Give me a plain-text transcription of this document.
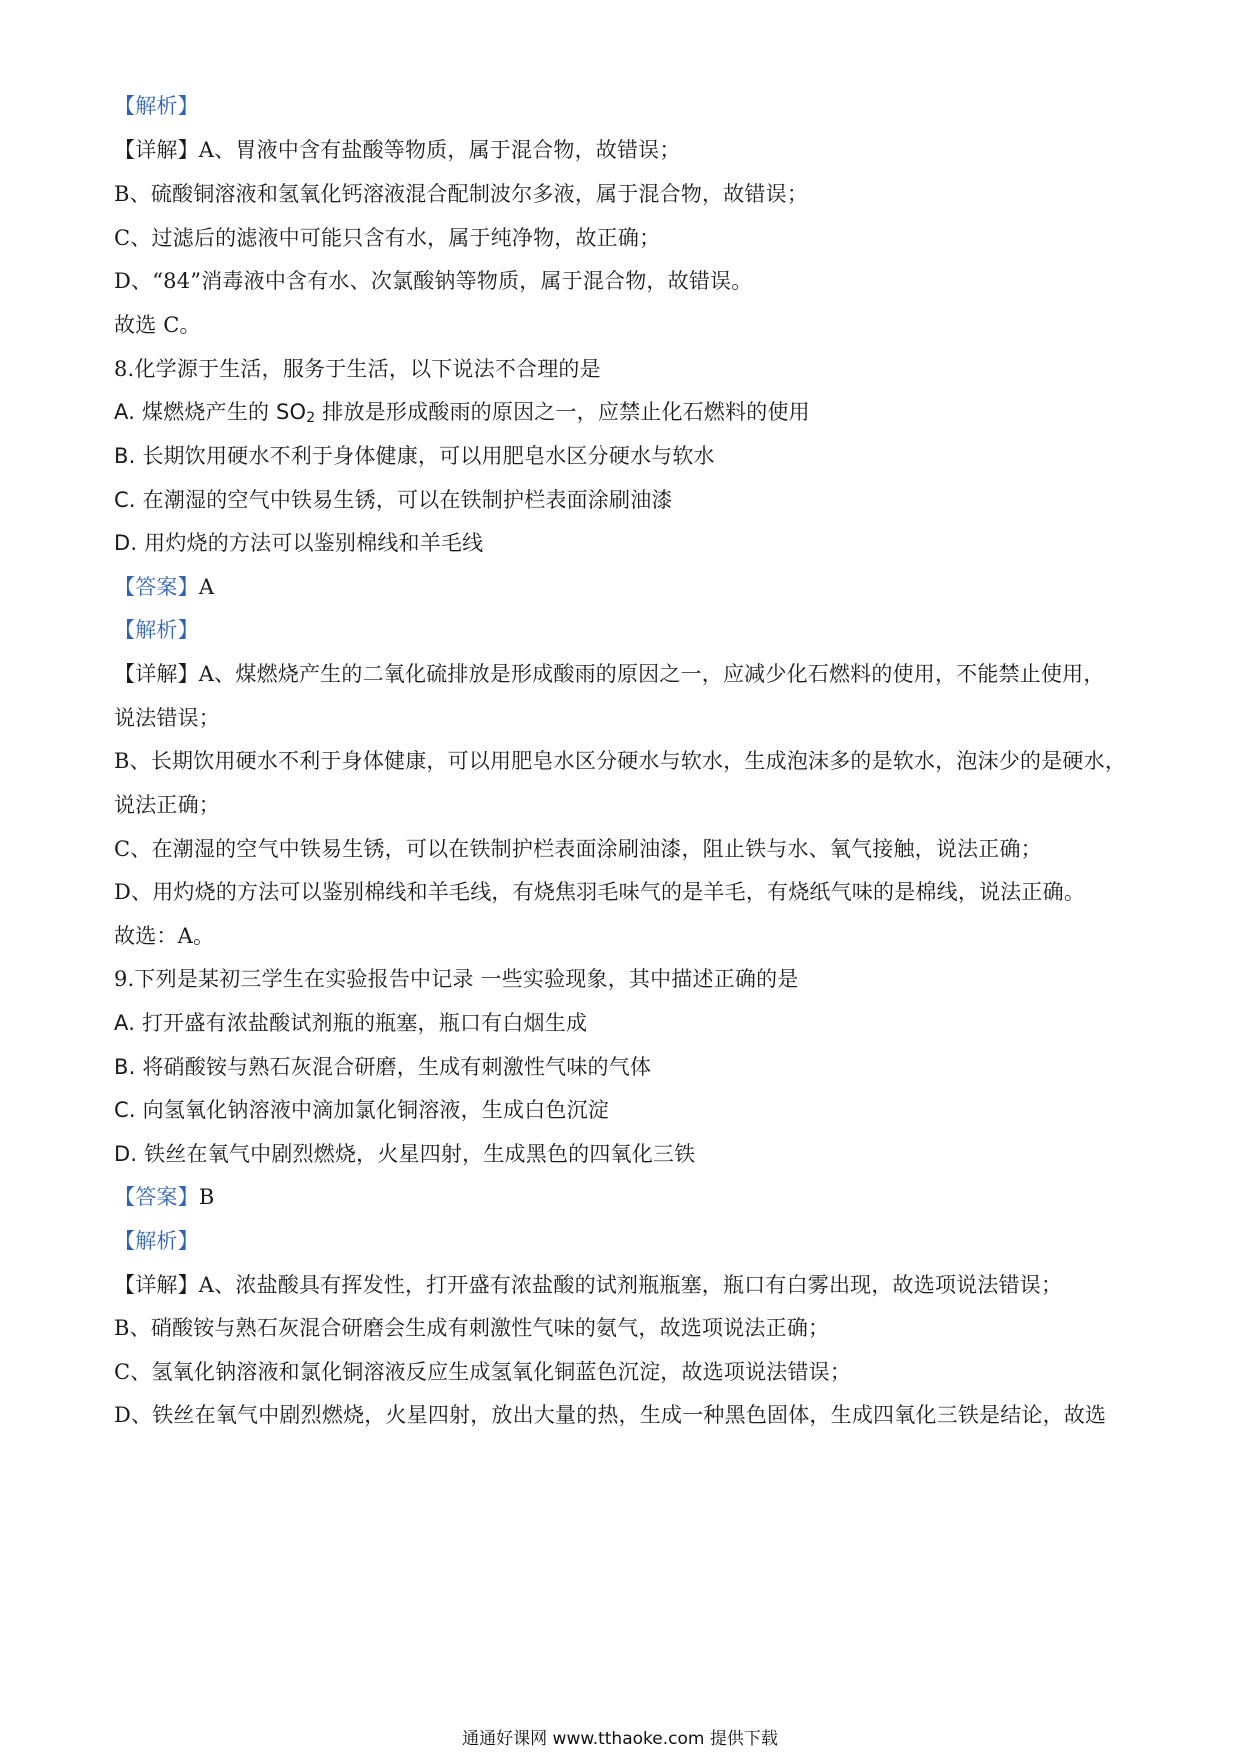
【解析】
【详解】A、胃液中含有盐酸等物质，属于混合物，故错误；
B、硫酸铜溶液和氢氧化钙溶液混合配制波尔多液，属于混合物，故错误；
C、过滤后的滤液中可能只含有水，属于纯净物，故正确；
D、“84”消毒液中含有水、次氯酸钠等物质，属于混合物，故错误。
故选 C。
8.化学源于生活，服务于生活，以下说法不合理的是
A. 煤燃烧产生的 $SO_2$ 排放是形成酸雨的原因之一，应禁止化石燃料的使用
B. 长期饮用硬水不利于身体健康，可以用肥皂水区分硬水与软水
C. 在潮湿的空气中铁易生锈，可以在铁制护栏表面涂刷油漆
D. 用灼烧的方法可以鉴别棉线和羊毛线
【答案】A
【解析】
【详解】A、煤燃烧产生的二氧化硫排放是形成酸雨的原因之一，应减少化石燃料的使用，不能禁止使用，
说法错误；
B、长期饮用硬水不利于身体健康，可以用肥皂水区分硬水与软水，生成泡沫多的是软水，泡沫少的是硬水，
说法正确；
C、在潮湿的空气中铁易生锈，可以在铁制护栏表面涂刷油漆，阻止铁与水、氧气接触，说法正确；
D、用灼烧的方法可以鉴别棉线和羊毛线，有烧焦羽毛味气的是羊毛，有烧纸气味的是棉线，说法正确。
故选：A。
9.下列是某初三学生在实验报告中记录 一些实验现象，其中描述正确的是
A. 打开盛有浓盐酸试剂瓶的瓶塞，瓶口有白烟生成
B. 将硝酸铵与熟石灰混合研磨，生成有刺激性气味的气体
C. 向氢氧化钠溶液中滴加氯化铜溶液，生成白色沉淀
D. 铁丝在氧气中剧烈燃烧，火星四射，生成黑色的四氧化三铁
【答案】B
【解析】
【详解】A、浓盐酸具有挥发性，打开盛有浓盐酸的试剂瓶瓶塞，瓶口有白雾出现，故选项说法错误；
B、硝酸铵与熟石灰混合研磨会生成有刺激性气味的氨气，故选项说法正确；
C、氢氧化钠溶液和氯化铜溶液反应生成氢氧化铜蓝色沉淀，故选项说法错误；
D、铁丝在氧气中剧烈燃烧，火星四射，放出大量的热，生成一种黑色固体，生成四氧化三铁是结论，故选
通通好课网 www.tthaoke.com 提供下载
